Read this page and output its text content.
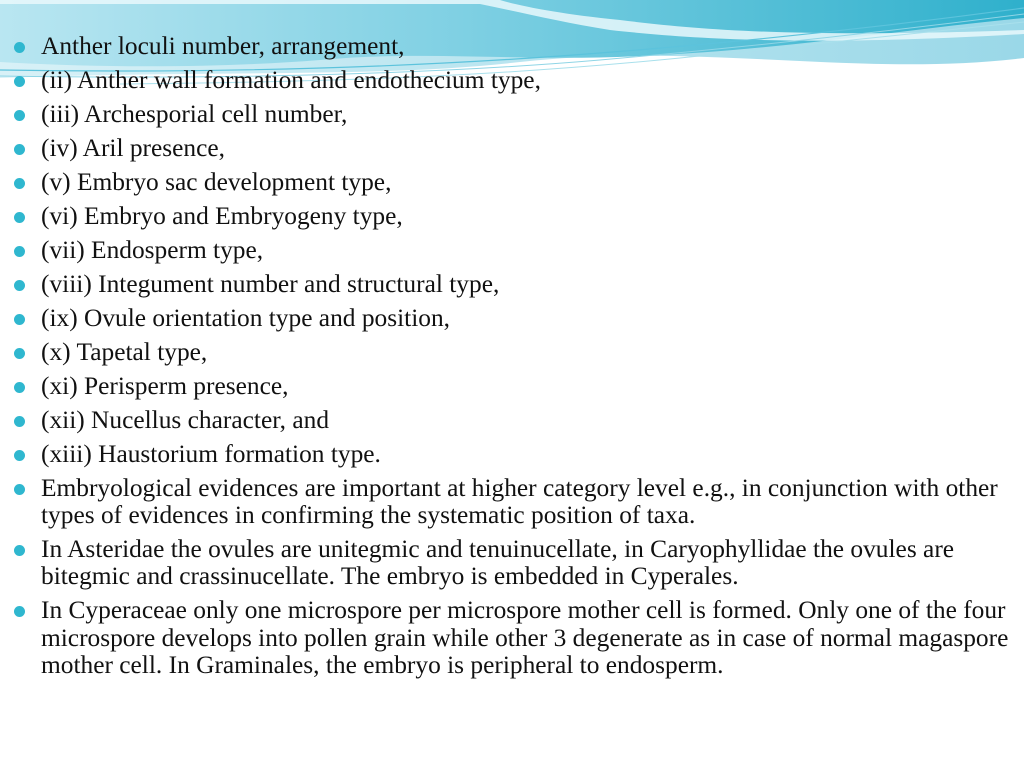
Anther loculi number, arrangement,
(ii) Anther wall formation and endothecium type,
(iii) Archesporial cell number,
(iv) Aril presence,
(v) Embryo sac development type,
(vi) Embryo and Embryogeny type,
(vii) Endosperm type,
(viii) Integument number and structural type,
(ix) Ovule orientation type and position,
(x) Tapetal type,
(xi) Perisperm presence,
(xii) Nucellus character, and
(xiii) Haustorium formation type.
Embryological evidences are important at higher category level e.g., in conjunction with other types of evidences in confirming the systematic position of taxa.
In Asteridae the ovules are unitegmic and tenuinucellate, in Caryophyllidae the ovules are bitegmic and crassinucellate. The embryo is embedded in Cyperales.
In Cyperaceae only one microspore per microspore mother cell is formed. Only one of the four microspore develops into pollen grain while other 3 degenerate as in case of normal magaspore mother cell. In Graminales, the embryo is peripheral to endosperm.
